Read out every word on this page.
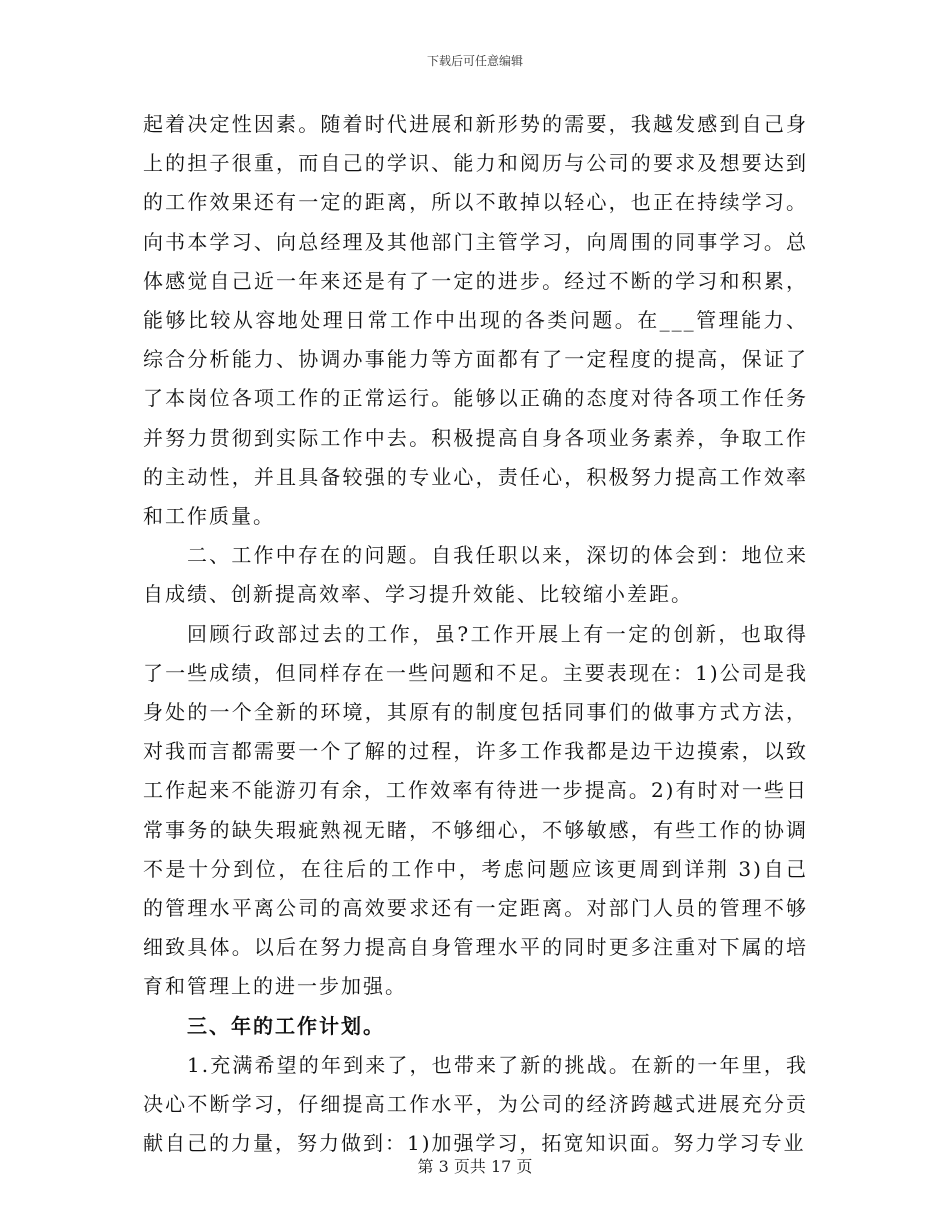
下载后可任意编辑

起着决定性因素。随着时代进展和新形势的需要，我越发感到自己身上的担子很重，而自己的学识、能力和阅历与公司的要求及想要达到的工作效果还有一定的距离，所以不敢掉以轻心，也正在持续学习。向书本学习、向总经理及其他部门主管学习，向周围的同事学习。总体感觉自己近一年来还是有了一定的进步。经过不断的学习和积累，能够比较从容地处理日常工作中出现的各类问题。在___管理能力、综合分析能力、协调办事能力等方面都有了一定程度的提高，保证了了本岗位各项工作的正常运行。能够以正确的态度对待各项工作任务并努力贯彻到实际工作中去。积极提高自身各项业务素养，争取工作的主动性，并且具备较强的专业心，责任心，积极努力提高工作效率和工作质量。

二、工作中存在的问题。自我任职以来，深切的体会到：地位来自成绩、创新提高效率、学习提升效能、比较缩小差距。

回顾行政部过去的工作，虽?工作开展上有一定的创新，也取得了一些成绩，但同样存在一些问题和不足。主要表现在：1)公司是我身处的一个全新的环境，其原有的制度包括同事们的做事方式方法，对我而言都需要一个了解的过程，许多工作我都是边干边摸索，以致工作起来不能游刃有余，工作效率有待进一步提高。2)有时对一些日常事务的缺失瑕疵熟视无睹，不够细心，不够敏感，有些工作的协调不是十分到位，在往后的工作中，考虑问题应该更周到详荆 3)自己的管理水平离公司的高效要求还有一定距离。对部门人员的管理不够细致具体。以后在努力提高自身管理水平的同时更多注重对下属的培育和管理上的进一步加强。

三、年的工作计划。

1.充满希望的年到来了，也带来了新的挑战。在新的一年里，我决心不断学习，仔细提高工作水平，为公司的经济跨越式进展充分贡献自己的力量，努力做到：1)加强学习，拓宽知识面。努力学习专业

第 3 页共 17 页
